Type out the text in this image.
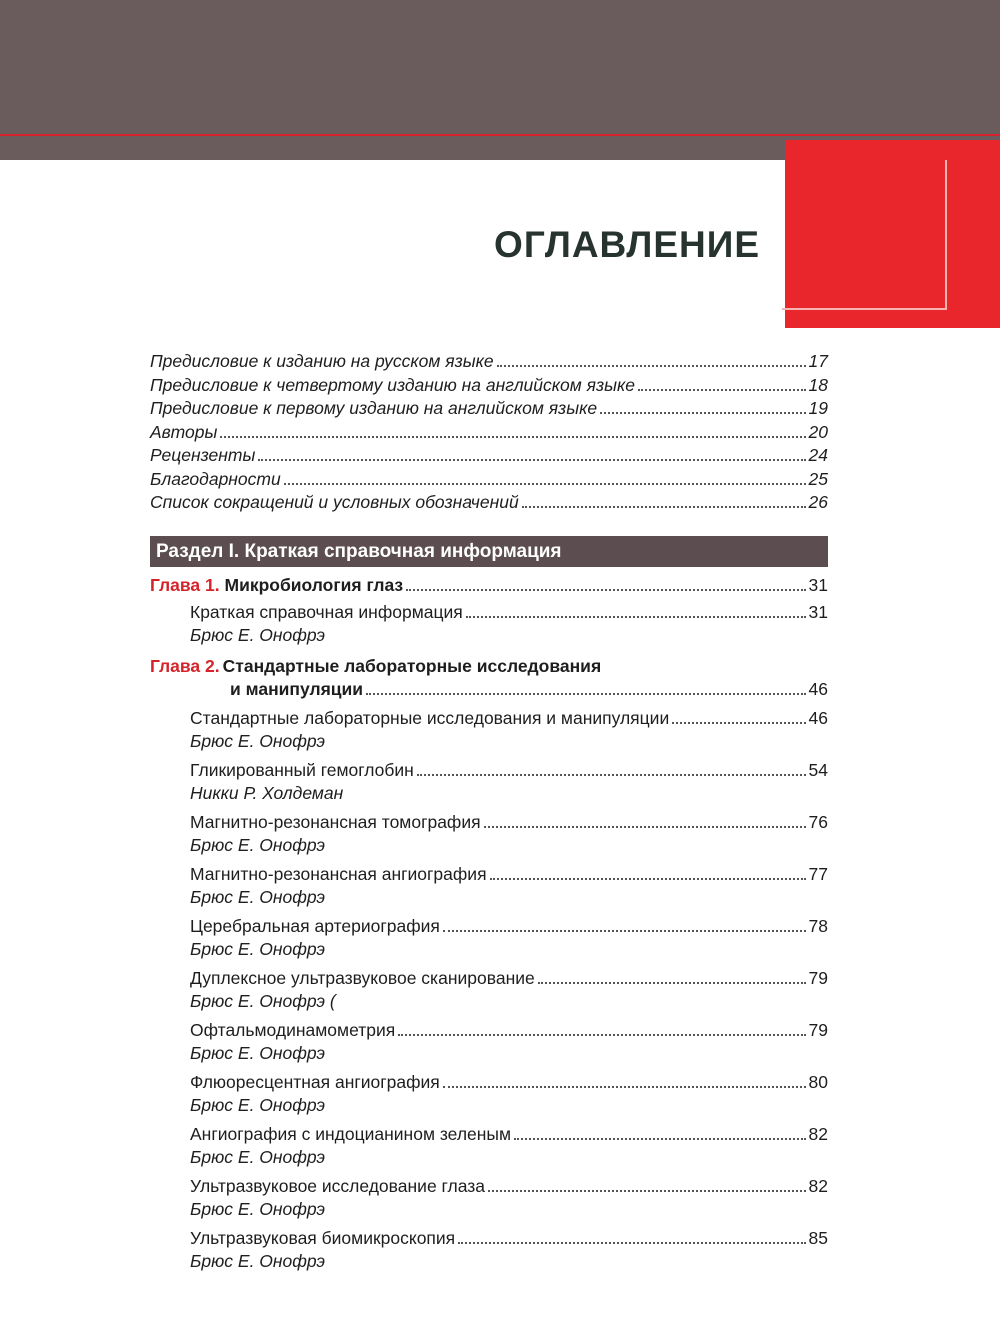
ОГЛАВЛЕНИЕ
Предисловие к изданию на русском языке	17
Предисловие к четвертому изданию на английском языке	18
Предисловие к первому изданию на английском языке	19
Авторы	20
Рецензенты	24
Благодарности	25
Список сокращений и условных обозначений	26
Раздел I. Краткая справочная информация
Глава 1. Микробиология глаз	31
Краткая справочная информация	31
Брюс Е. Онофрэ
Глава 2. Стандартные лабораторные исследования
и манипуляции	46
Стандартные лабораторные исследования и манипуляции	46
Брюс Е. Онофрэ
Гликированный гемоглобин	54
Никки Р. Холдеман
Магнитно-резонансная томография	76
Брюс Е. Онофрэ
Магнитно-резонансная ангиография	77
Брюс Е. Онофрэ
Церебральная артериография	78
Брюс Е. Онофрэ
Дуплексное ультразвуковое сканирование	79
Брюс Е. Онофрэ (
Офтальмодинамометрия	79
Брюс Е. Онофрэ
Флюоресцентная ангиография	80
Брюс Е. Онофрэ
Ангиография с индоцианином зеленым	82
Брюс Е. Онофрэ
Ультразвуковое исследование глаза	82
Брюс Е. Онофрэ
Ультразвуковая биомикроскопия	85
Брюс Е. Онофрэ
